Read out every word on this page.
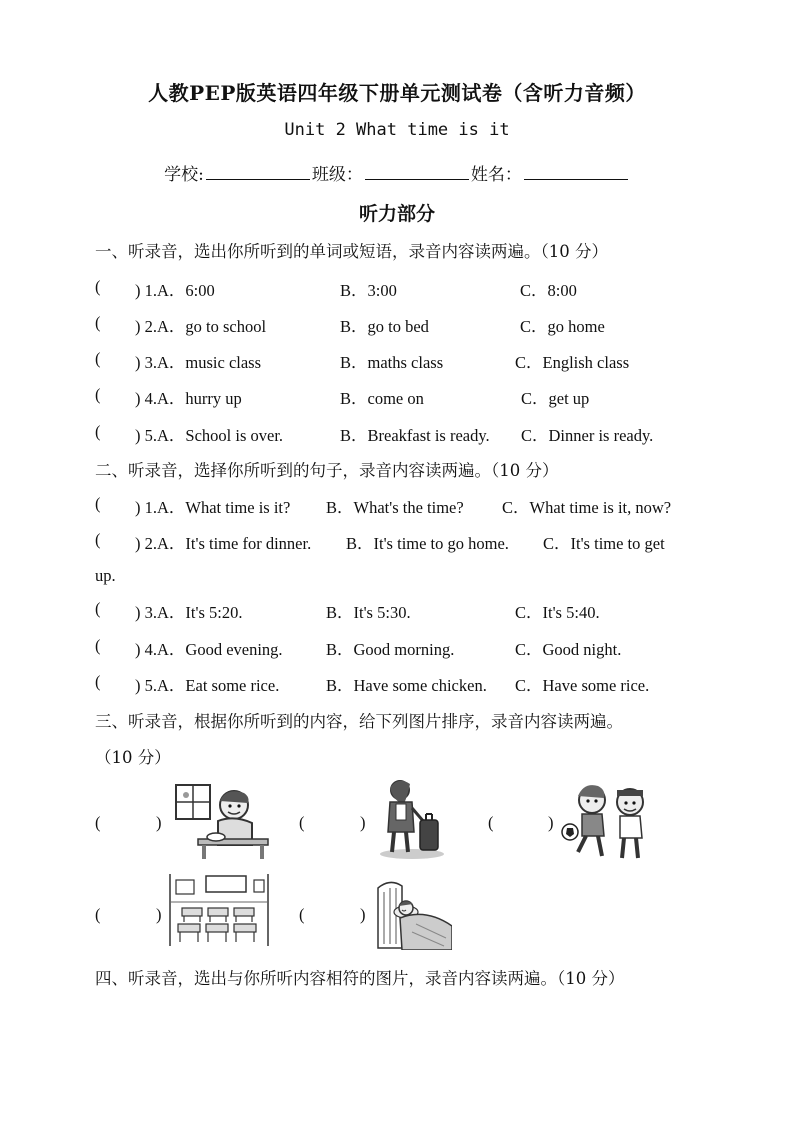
人教PEP版英语四年级下册单元测试卷（含听力音频）
Unit 2 What time is it
学校:	班级：	姓名：
听力部分
一、听录音，选出你所听到的单词或短语，录音内容读两遍。（10 分）
( ) 1.A．6:00	B．3:00	C．8:00
( ) 2.A．go to school	B．go to bed	C．go home
( ) 3.A．music class	B．maths class	C．English class
( ) 4.A．hurry up	B．come on	C．get up
( ) 5.A．School is over.	B．Breakfast is ready. C．Dinner is ready.
二、听录音，选择你所听到的句子，录音内容读两遍。（10 分）
( ) 1.A．What time is it? B．What's the time? C．What time is it, now?
( ) 2.A．It's time for dinner. B．It's time to go home. C．It's time to get
up.
( ) 3.A．It's 5:20.	B．It's 5:30.	C．It's 5:40.
( ) 4.A．Good evening.	B．Good morning.	C．Good night.
( ) 5.A．Eat some rice.	B．Have some chicken. C．Have some rice.
三、听录音，根据你所听到的内容，给下列图片排序，录音内容读两遍。
（10 分）
(	)	(	)	(	)
(	)	(	)
四、听录音，选出与你所听内容相符的图片，录音内容读两遍。（10 分）
